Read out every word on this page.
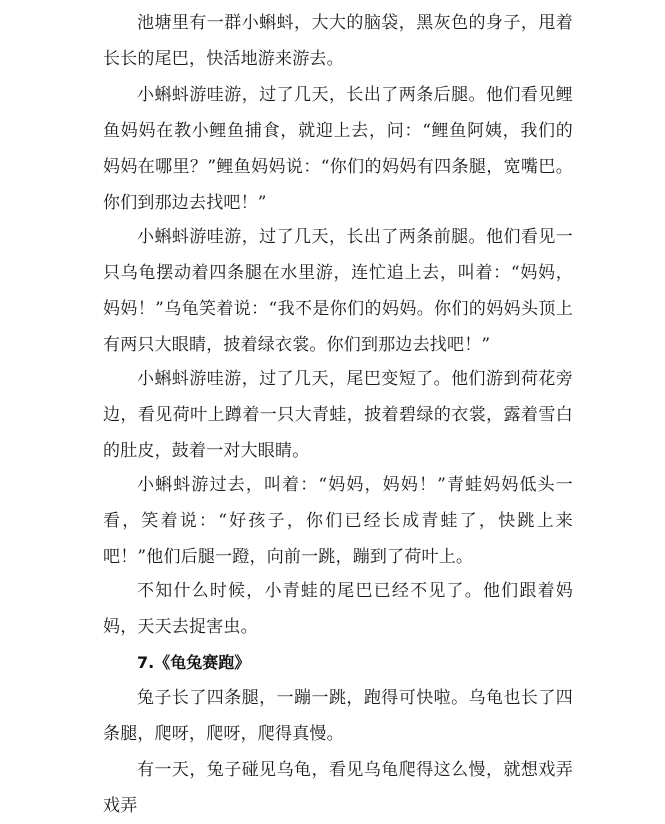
池塘里有一群小蝌蚪，大大的脑袋，黑灰色的身子，甩着长长的尾巴，快活地游来游去。

小蝌蚪游哇游，过了几天，长出了两条后腿。他们看见鲤鱼妈妈在教小鲤鱼捕食，就迎上去，问：“鲤鱼阿姨，我们的妈妈在哪里？”鲤鱼妈妈说：“你们的妈妈有四条腿，宽嘴巴。你们到那边去找吧！”

小蝌蚪游哇游，过了几天，长出了两条前腿。他们看见一只乌龟摆动着四条腿在水里游，连忙追上去，叫着：“妈妈，妈妈！”乌龟笑着说：“我不是你们的妈妈。你们的妈妈头顶上有两只大眼睛，披着绿衣裳。你们到那边去找吧！”

小蝌蚪游哇游，过了几天，尾巴变短了。他们游到荷花旁边，看见荷叶上蹲着一只大青蛙，披着碧绿的衣裳，露着雪白的肚皮，鼓着一对大眼睛。

小蝌蚪游过去，叫着：“妈妈，妈妈！”青蛙妈妈低头一看，笑着说：“好孩子，你们已经长成青蛙了，快跳上来吧！”他们后腿一蹬，向前一跳，蹦到了荷叶上。

不知什么时候，小青蛙的尾巴已经不见了。他们跟着妈妈，天天去捉害虫。

7.《龟兔赛跑》

兔子长了四条腿，一蹦一跳，跑得可快啦。乌龟也长了四条腿，爬呀，爬呀，爬得真慢。

有一天，兔子碰见乌龟，看见乌龟爬得这么慢，就想戏弄戏弄
